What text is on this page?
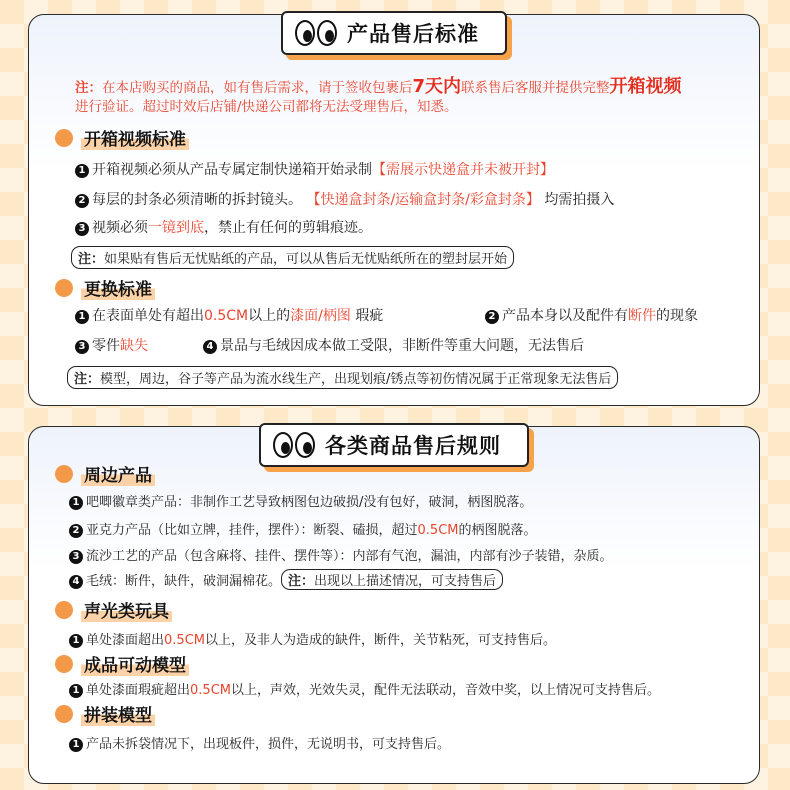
产品售后标准
注：在本店购买的商品，如有售后需求，请于签收包裹后7天内联系售后客服并提供完整开箱视频
进行验证。超过时效后店铺/快递公司都将无法受理售后，知悉。
开箱视频标准
1 开箱视频必须从产品专属定制快递箱开始录制【需展示快递盒并未被开封】
2 每层的封条必须清晰的拆封镜头。 【快递盒封条/运输盒封条/彩盒封条】 均需拍摄入
3 视频必须一镜到底，禁止有任何的剪辑痕迹。
注：如果贴有售后无忧贴纸的产品，可以从售后无忧贴纸所在的塑封层开始
更换标准
1 在表面单处有超出0.5CM以上的漆面/柄图 瑕疵	2 产品本身以及配件有断件的现象
3 零件缺失	4 景品与毛绒因成本做工受限，非断件等重大问题，无法售后
注：模型，周边，谷子等产品为流水线生产，出现划痕/锈点等初伤情况属于正常现象无法售后
各类商品售后规则
周边产品
1 吧唧徽章类产品：非制作工艺导致柄图包边破损/没有包好，破洞，柄图脱落。
2 亚克力产品（比如立牌，挂件，摆件）：断裂、磕损，超过0.5CM的柄图脱落。
3 流沙工艺的产品（包含麻将、挂件、摆件等）：内部有气泡，漏油，内部有沙子装错，杂质。
4 毛绒：断件，缺件，破洞漏棉花。 注：出现以上描述情况，可支持售后
声光类玩具
1 单处漆面超出0.5CM以上，及非人为造成的缺件，断件，关节粘死，可支持售后。
成品可动模型
1 单处漆面瑕疵超出0.5CM以上，声效，光效失灵，配件无法联动，音效中奖，以上情况可支持售后。
拼装模型
1 产品未拆袋情况下，出现板件，损件，无说明书，可支持售后。
